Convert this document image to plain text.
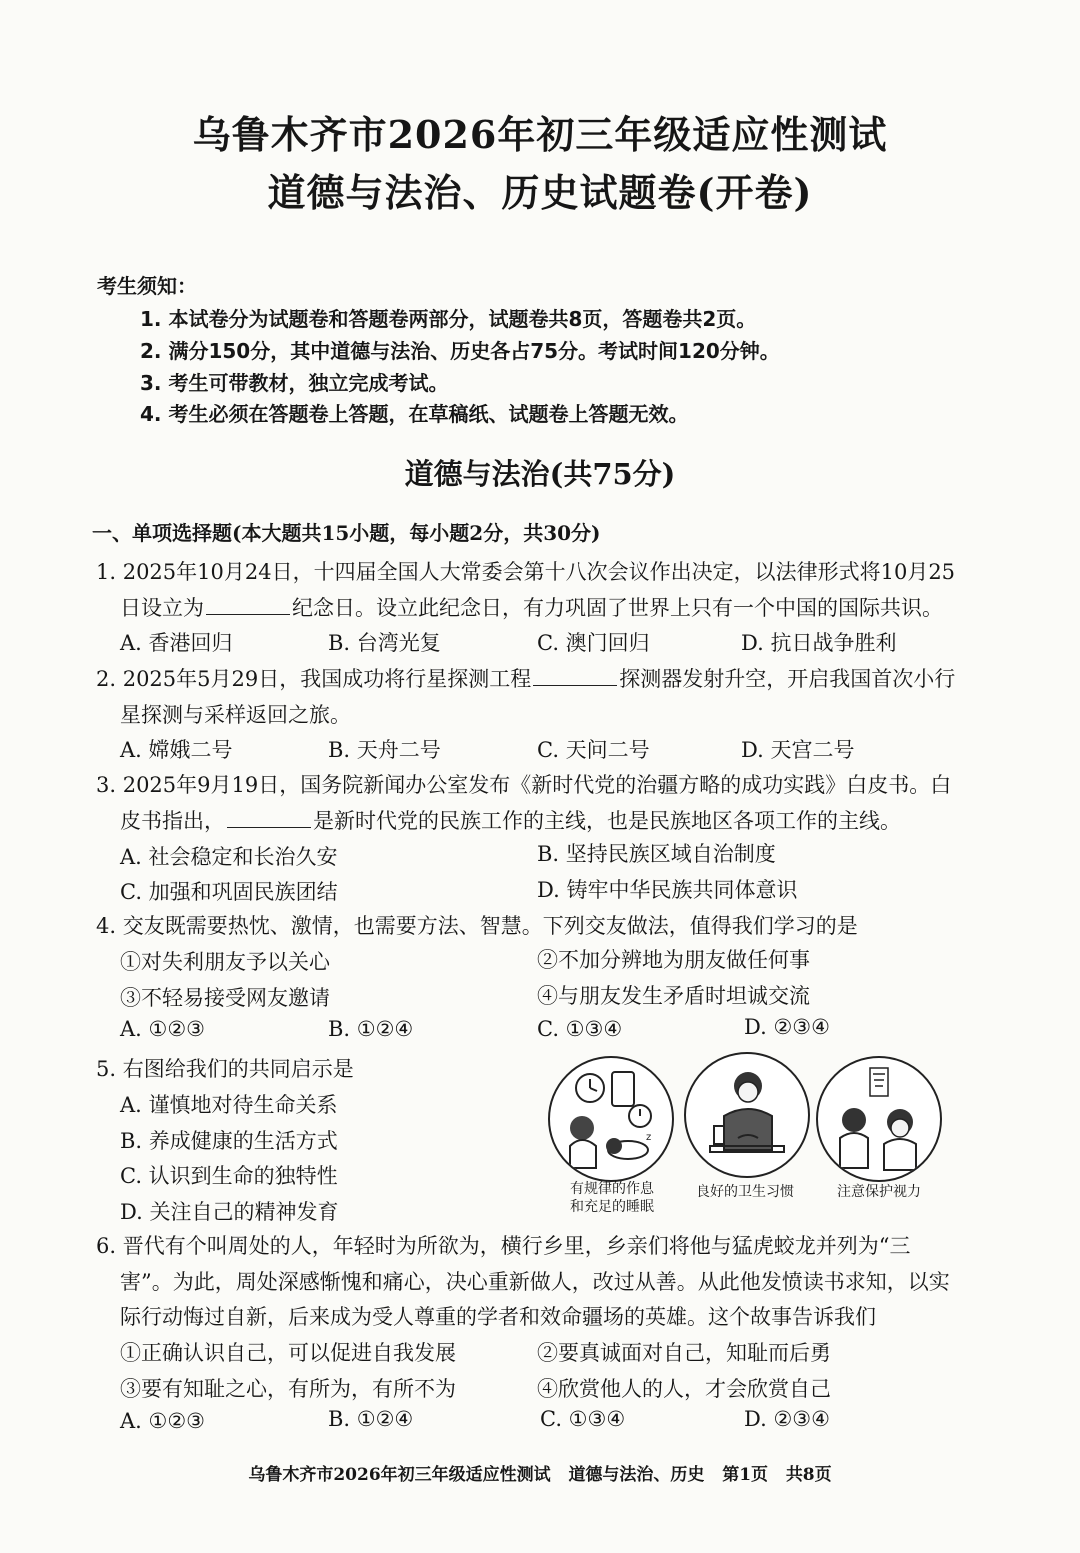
乌鲁木齐市2026年初三年级适应性测试
道德与法治、历史试题卷(开卷)
考生须知：
1. 本试卷分为试题卷和答题卷两部分，试题卷共8页，答题卷共2页。
2. 满分150分，其中道德与法治、历史各占75分。考试时间120分钟。
3. 考生可带教材，独立完成考试。
4. 考生必须在答题卷上答题，在草稿纸、试题卷上答题无效。
道德与法治(共75分)
一、单项选择题(本大题共15小题，每小题2分，共30分)
1. 2025年10月24日，十四届全国人大常委会第十八次会议作出决定，以法律形式将10月25
日设立为	纪念日。设立此纪念日，有力巩固了世界上只有一个中国的国际共识。
A. 香港回归	B. 台湾光复	C. 澳门回归	D. 抗日战争胜利
2. 2025年5月29日，我国成功将行星探测工程	探测器发射升空，开启我国首次小行
星探测与采样返回之旅。
A. 嫦娥二号	B. 天舟二号	C. 天问二号	D. 天宫二号
3. 2025年9月19日，国务院新闻办公室发布《新时代党的治疆方略的成功实践》白皮书。白
皮书指出，	是新时代党的民族工作的主线，也是民族地区各项工作的主线。
A. 社会稳定和长治久安	B. 坚持民族区域自治制度
C. 加强和巩固民族团结	D. 铸牢中华民族共同体意识
4. 交友既需要热忱、激情，也需要方法、智慧。下列交友做法，值得我们学习的是
①对失利朋友予以关心	②不加分辨地为朋友做任何事
③不轻易接受网友邀请	④与朋友发生矛盾时坦诚交流
A. ①②③	B. ①②④	C. ①③④	D. ②③④
5. 右图给我们的共同启示是
A. 谨慎地对待生命关系
B. 养成健康的生活方式
C. 认识到生命的独特性
D. 关注自己的精神发育
z
有规律的作息
和充足的睡眠
良好的卫生习惯	注意保护视力
6. 晋代有个叫周处的人，年轻时为所欲为，横行乡里，乡亲们将他与猛虎蛟龙并列为“三
害”。为此，周处深感惭愧和痛心，决心重新做人，改过从善。从此他发愤读书求知，以实
际行动悔过自新，后来成为受人尊重的学者和效命疆场的英雄。这个故事告诉我们
①正确认识自己，可以促进自我发展	②要真诚面对自己，知耻而后勇
③要有知耻之心，有所为，有所不为	④欣赏他人的人，才会欣赏自己
A. ①②③	B. ①②④	C. ①③④	D. ②③④
乌鲁木齐市2026年初三年级适应性测试 道德与法治、历史 第1页 共8页
